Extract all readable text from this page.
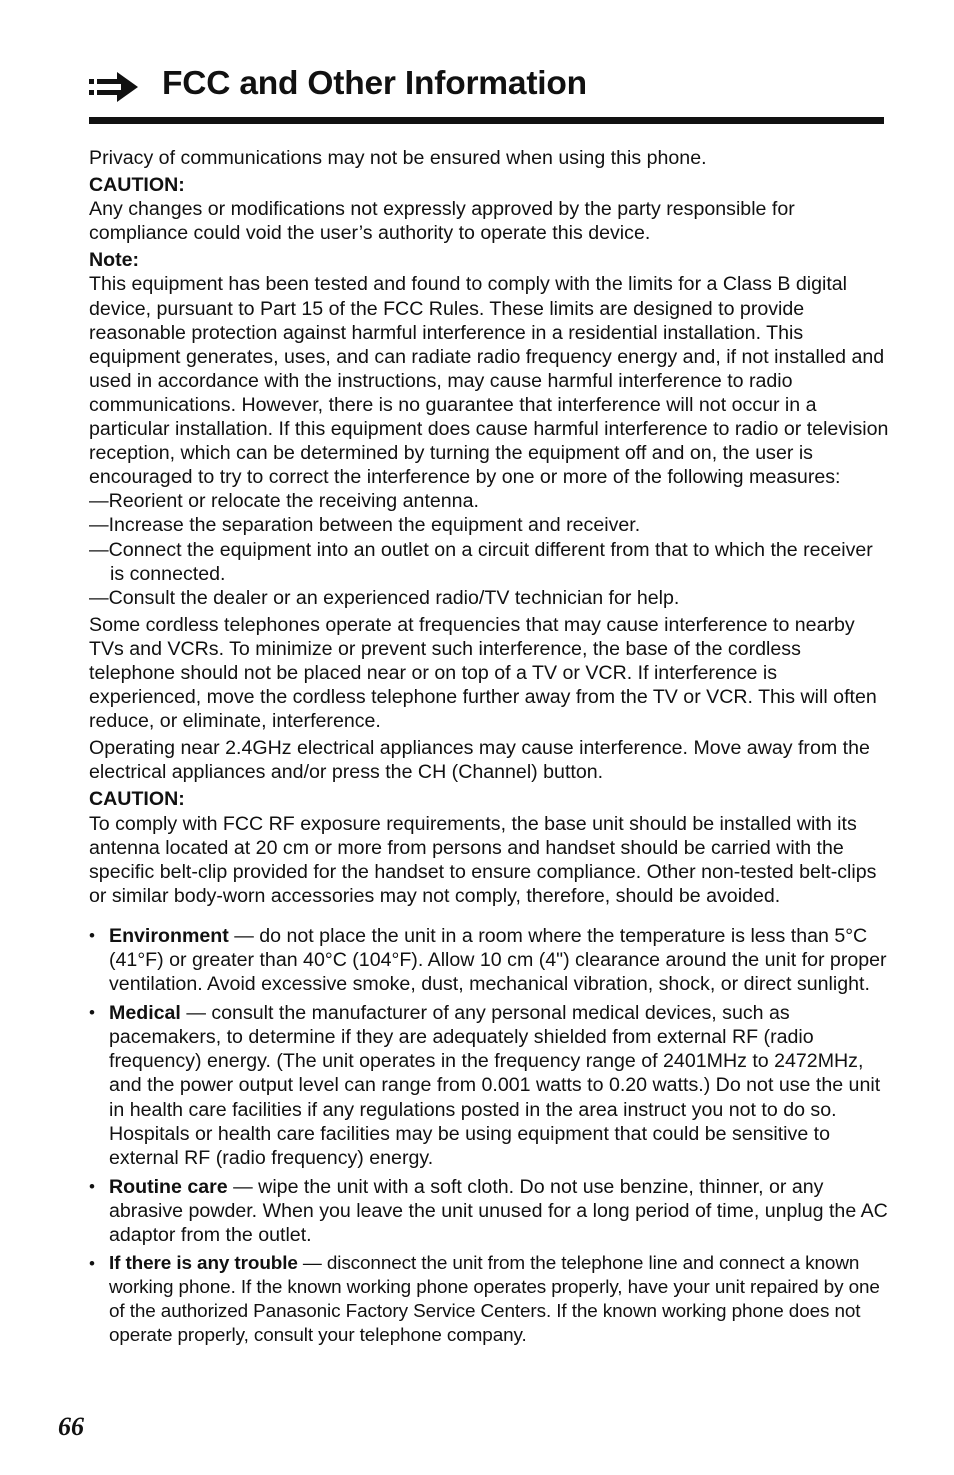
FCC and Other Information

Privacy of communications may not be ensured when using this phone.

CAUTION:

Any changes or modifications not expressly approved by the party responsible for compliance could void the user’s authority to operate this device.

Note:

This equipment has been tested and found to comply with the limits for a Class B digital device, pursuant to Part 15 of the FCC Rules. These limits are designed to provide reasonable protection against harmful interference in a residential installation. This equipment generates, uses, and can radiate radio frequency energy and, if not installed and used in accordance with the instructions, may cause harmful interference to radio communications. However, there is no guarantee that interference will not occur in a particular installation. If this equipment does cause harmful interference to radio or television reception, which can be determined by turning the equipment off and on, the user is encouraged to try to correct the interference by one or more of the following measures:

—Reorient or relocate the receiving antenna.

—Increase the separation between the equipment and receiver.

—Connect the equipment into an outlet on a circuit different from that to which the receiver is connected.

—Consult the dealer or an experienced radio/TV technician for help.

Some cordless telephones operate at frequencies that may cause interference to nearby TVs and VCRs. To minimize or prevent such interference, the base of the cordless telephone should not be placed near or on top of a TV or VCR. If interference is experienced, move the cordless telephone further away from the TV or VCR. This will often reduce, or eliminate, interference.

Operating near 2.4GHz electrical appliances may cause interference. Move away from the electrical appliances and/or press the CH (Channel) button.

CAUTION:

To comply with FCC RF exposure requirements, the base unit should be installed with its antenna located at 20 cm or more from persons and handset should be carried with the specific belt-clip provided for the handset to ensure compliance. Other non-tested belt-clips or similar body-worn accessories may not comply, therefore, should be avoided.

• Environment — do not place the unit in a room where the temperature is less than 5°C (41°F) or greater than 40°C (104°F). Allow 10 cm (4") clearance around the unit for proper ventilation. Avoid excessive smoke, dust, mechanical vibration, shock, or direct sunlight.
• Medical — consult the manufacturer of any personal medical devices, such as pacemakers, to determine if they are adequately shielded from external RF (radio frequency) energy. (The unit operates in the frequency range of 2401MHz to 2472MHz, and the power output level can range from 0.001 watts to 0.20 watts.) Do not use the unit in health care facilities if any regulations posted in the area instruct you not to do so. Hospitals or health care facilities may be using equipment that could be sensitive to external RF (radio frequency) energy.
• Routine care — wipe the unit with a soft cloth. Do not use benzine, thinner, or any abrasive powder. When you leave the unit unused for a long period of time, unplug the AC adaptor from the outlet.
• If there is any trouble — disconnect the unit from the telephone line and connect a known working phone. If the known working phone operates properly, have your unit repaired by one of the authorized Panasonic Factory Service Centers. If the known working phone does not operate properly, consult your telephone company.
66
